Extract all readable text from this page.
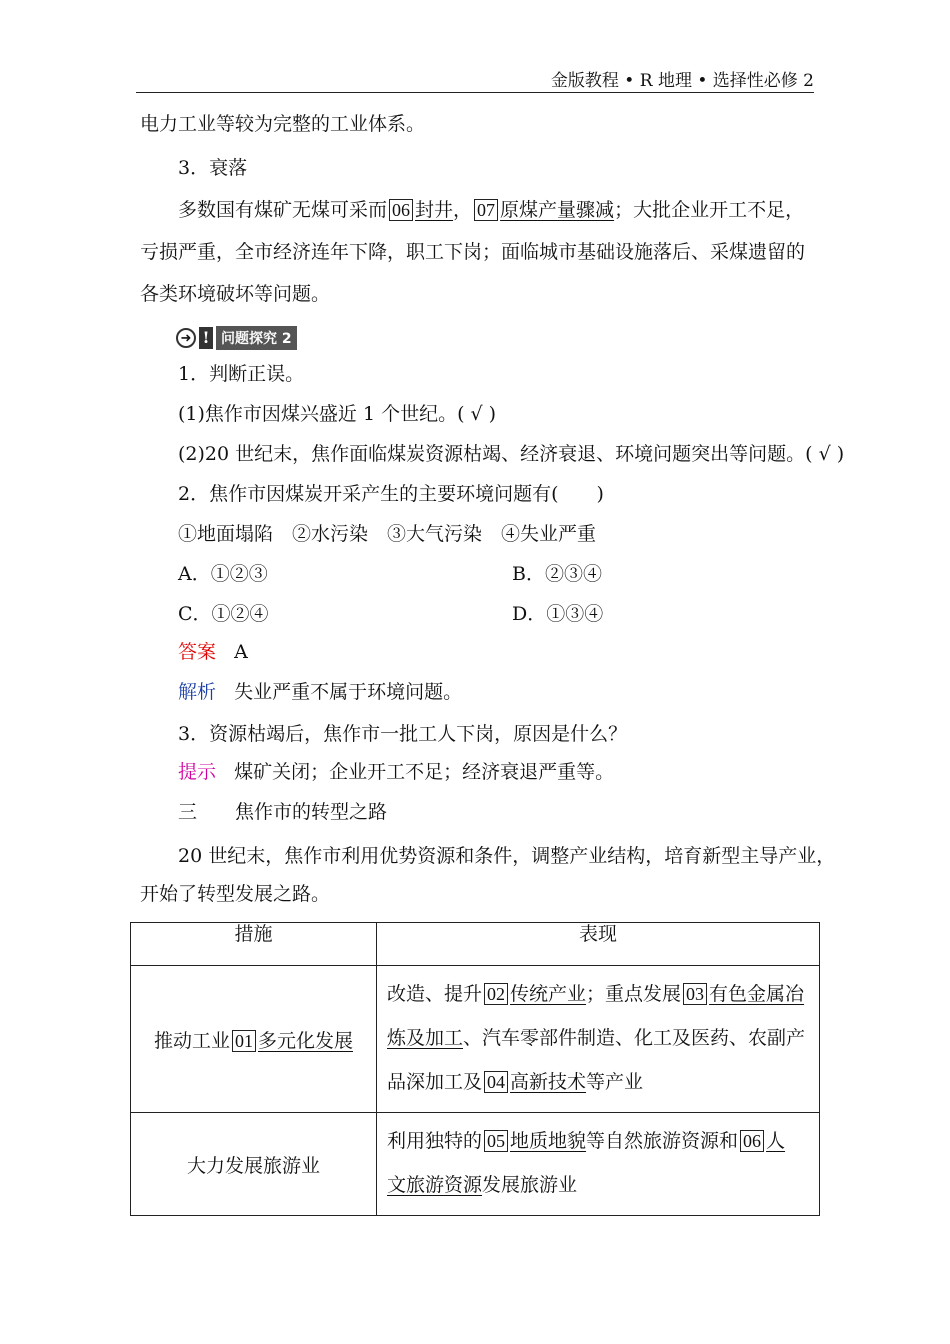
金版教程 • R 地理 • 选择性必修 2
电力工业等较为完整的工业体系。
3．衰落
多数国有煤矿无煤可采而 06 封井， 07 原煤产量骤减；大批企业开工不足，
亏损严重，全市经济连年下降，职工下岗；面临城市基础设施落后、采煤遗留的
各类环境破坏等问题。
➜ ! 问题探究 2
1．判断正误。
(1)焦作市因煤兴盛近 1 个世纪。( √ )
(2)20 世纪末，焦作面临煤炭资源枯竭、经济衰退、环境问题突出等问题。( √ )
2．焦作市因煤炭开采产生的主要环境问题有(　　)
①地面塌陷　②水污染　③大气污染　④失业严重
A．①②③	B．②③④
C．①②④	D．①③④
答案 A
解析 失业严重不属于环境问题。
3．资源枯竭后，焦作市一批工人下岗，原因是什么？
提示 煤矿关闭；企业开工不足；经济衰退严重等。
三 焦作市的转型之路
20 世纪末，焦作市利用优势资源和条件，调整产业结构，培育新型主导产业，
开始了转型发展之路。
措施	表现
推动工业 01 多元化发展	改造、提升 02 传统产业；重点发展 03 有色金属冶
炼及加工、汽车零部件制造、化工及医药、农副产
品深加工及 04 高新技术等产业

大力发展旅游业	利用独特的 05 地质地貌等自然旅游资源和 06 人
文旅游资源发展旅游业
